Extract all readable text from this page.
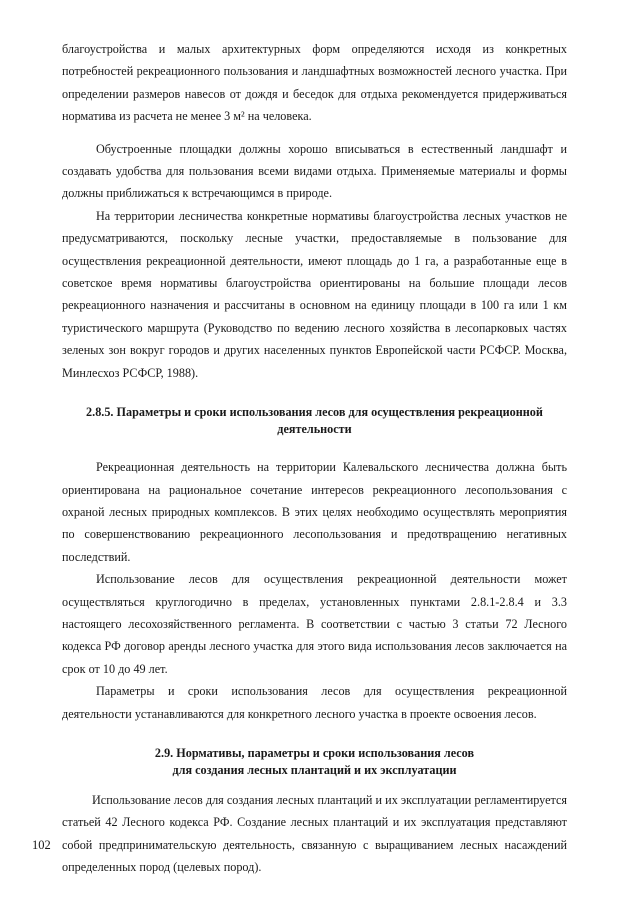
благоустройства и малых архитектурных форм определяются исходя из конкретных потребностей рекреационного пользования и ландшафтных возможностей лесного участка. При определении размеров навесов от дождя и беседок для отдыха рекомендуется придерживаться норматива из расчета не менее 3 м² на человека.

Обустроенные площадки должны хорошо вписываться в естественный ландшафт и создавать удобства для пользования всеми видами отдыха. Применяемые материалы и формы должны приближаться к встречающимся в природе.

На территории лесничества конкретные нормативы благоустройства лесных участков не предусматриваются, поскольку лесные участки, предоставляемые в пользование для осуществления рекреационной деятельности, имеют площадь до 1 га, а разработанные еще в советское время нормативы благоустройства ориентированы на большие площади лесов рекреационного назначения и рассчитаны в основном на единицу площади в 100 га или 1 км туристического маршрута (Руководство по ведению лесного хозяйства в лесопарковых частях зеленых зон вокруг городов и других населенных пунктов Европейской части РСФСР. Москва, Минлесхоз РСФСР, 1988).

2.8.5. Параметры и сроки использования лесов для осуществления рекреационной
деятельности

Рекреационная деятельность на территории Калевальского лесничества должна быть ориентирована на рациональное сочетание интересов рекреационного лесопользования с охраной лесных природных комплексов. В этих целях необходимо осуществлять мероприятия по совершенствованию рекреационного лесопользования и предотвращению негативных последствий.

Использование лесов для осуществления рекреационной деятельности может осуществляться круглогодично в пределах, установленных пунктами 2.8.1-2.8.4 и 3.3 настоящего лесохозяйственного регламента. В соответствии с частью 3 статьи 72 Лесного кодекса РФ договор аренды лесного участка для этого вида использования лесов заключается на срок от 10 до 49 лет.

Параметры и сроки использования лесов для осуществления рекреационной деятельности устанавливаются для конкретного лесного участка в проекте освоения лесов.

2.9. Нормативы, параметры и сроки использования лесов
для создания лесных плантаций и их эксплуатации

Использование лесов для создания лесных плантаций и их эксплуатации регламентируется статьей 42 Лесного кодекса РФ. Создание лесных плантаций и их эксплуатация представляют собой предпринимательскую деятельность, связанную с выращиванием лесных насаждений определенных пород (целевых пород).

102
